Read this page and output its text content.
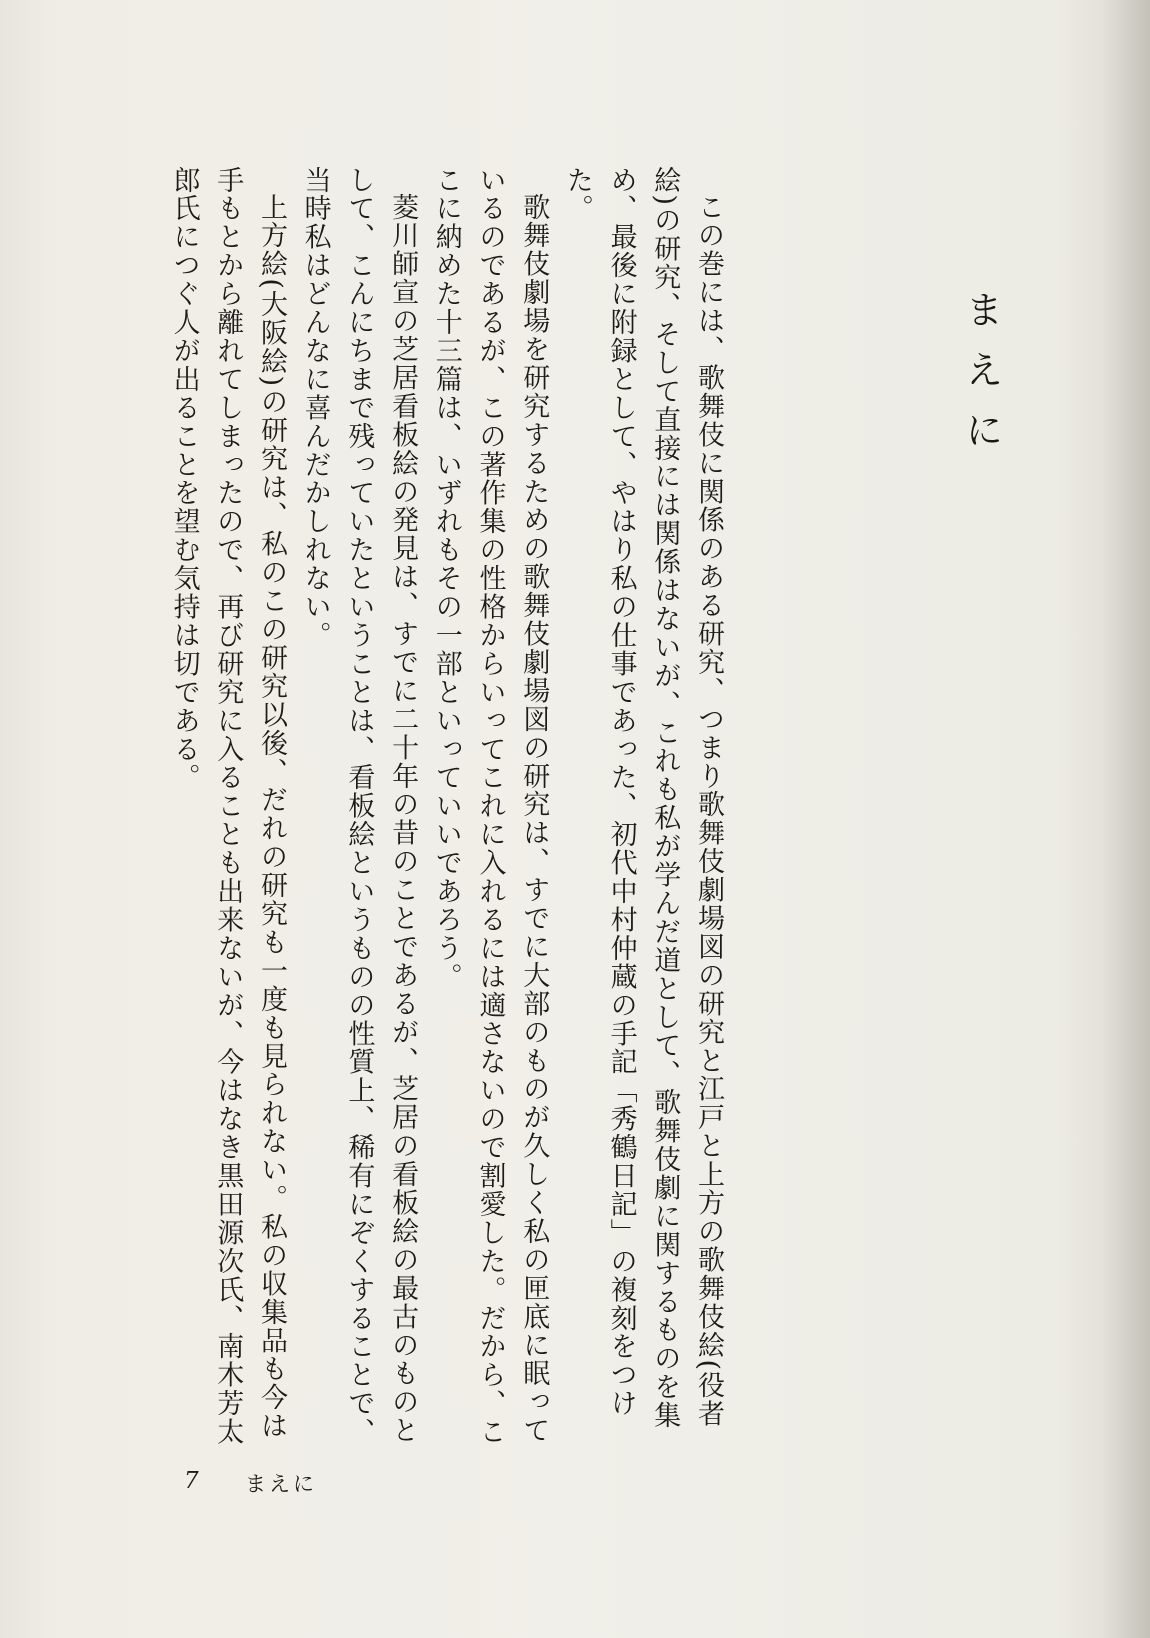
まえに

この巻には、歌舞伎に関係のある研究、つまり歌舞伎劇場図の研究と江戸と上方の歌舞伎絵(役者絵)の研究、そして直接には関係はないが、これも私が学んだ道として、歌舞伎劇に関するものを集め、最後に附録として、やはり私の仕事であった、初代中村仲蔵の手記「秀鶴日記」の複刻をつけた。

歌舞伎劇場を研究するための歌舞伎劇場図の研究は、すでに大部のものが久しく私の匣底に眠っているのであるが、この著作集の性格からいってこれに入れるには適さないので割愛した。だから、ここに納めた十三篇は、いずれもその一部といっていいであろう。

菱川師宣の芝居看板絵の発見は、すでに二十年の昔のことであるが、芝居の看板絵の最古のものとして、こんにちまで残っていたということは、看板絵というものの性質上、稀有にぞくすることで、当時私はどんなに喜んだかしれない。

上方絵(大阪絵)の研究は、私のこの研究以後、だれの研究も一度も見られない。私の収集品も今は手もとから離れてしまったので、再び研究に入ることも出来ないが、今はなき黒田源次氏、南木芳太郎氏につぐ人が出ることを望む気持は切である。

7 まえに
